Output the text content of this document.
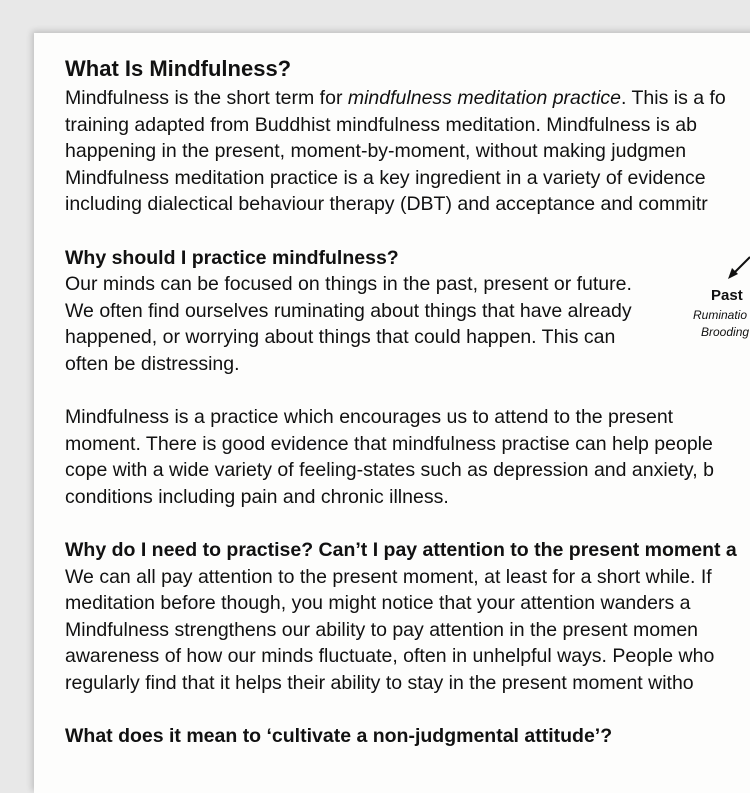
What Is Mindfulness?
Mindfulness is the short term for mindfulness meditation practice. This is a fo
training adapted from Buddhist mindfulness meditation. Mindfulness is ab
happening in the present, moment-by-moment, without making judgmen
Mindfulness meditation practice is a key ingredient in a variety of evidence
including dialectical behaviour therapy (DBT) and acceptance and commitr
Why should I practice mindfulness?
Our minds can be focused on things in the past, present or future.
We often find ourselves ruminating about things that have already
happened, or worrying about things that could happen. This can
often be distressing.
Mindfulness is a practice which encourages us to attend to the present
moment. There is good evidence that mindfulness practise can help people
cope with a wide variety of feeling-states such as depression and anxiety, b
conditions including pain and chronic illness.
Why do I need to practise? Can’t I pay attention to the present moment a
We can all pay attention to the present moment, at least for a short while. If
meditation before though, you might notice that your attention wanders a
Mindfulness strengthens our ability to pay attention in the present momen
awareness of how our minds fluctuate, often in unhelpful ways. People who
regularly find that it helps their ability to stay in the present moment witho
What does it mean to ‘cultivate a non-judgmental attitude’?
Past
Ruminatio
Brooding
